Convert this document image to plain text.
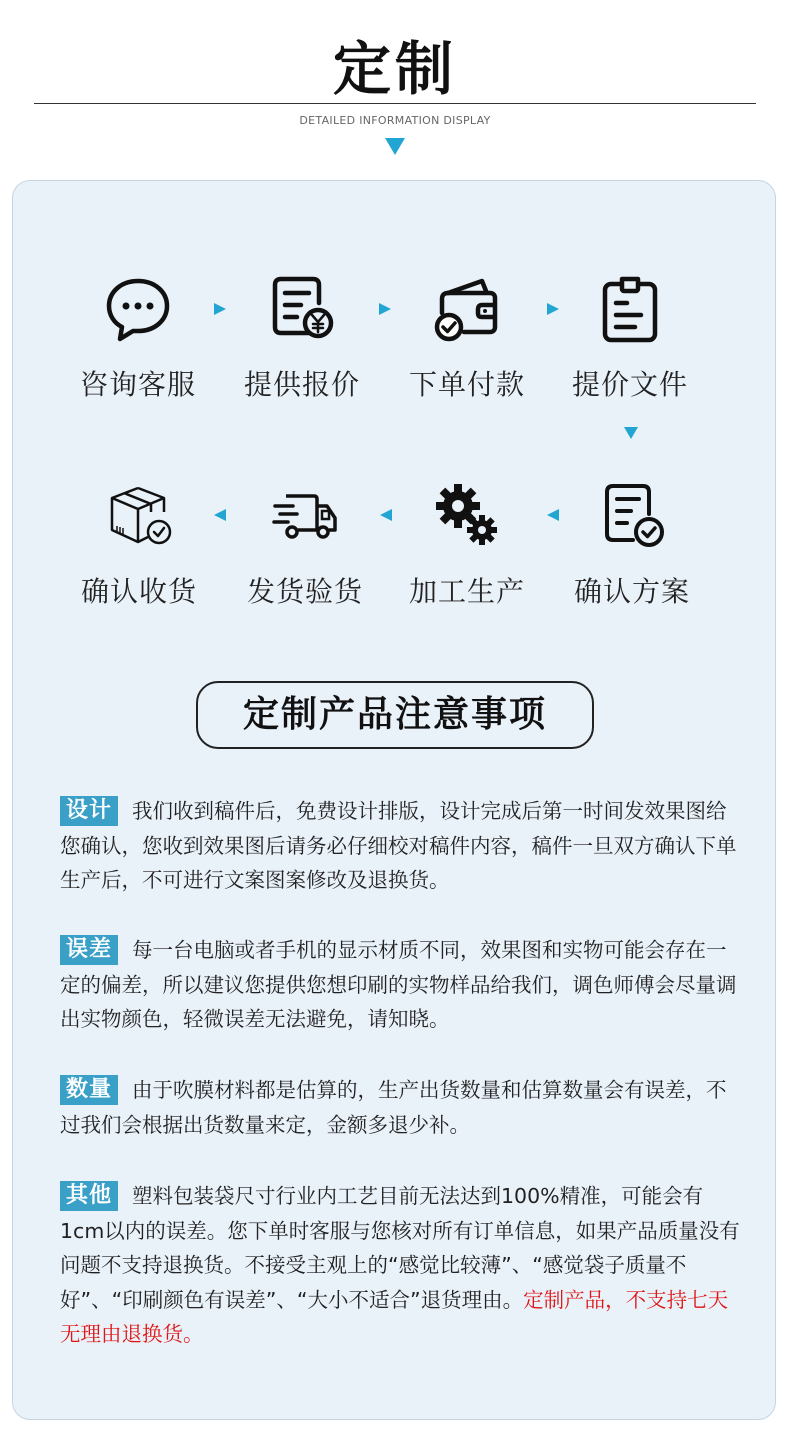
定制
DETAILED INFORMATION DISPLAY
咨询客服	提供报价	下单付款	提价文件
确认收货	发货验货	加工生产	确认方案
定制产品注意事项
设计 我们收到稿件后，免费设计排版，设计完成后第一时间发效果图给您确认，您收到效果图后请务必仔细校对稿件内容，稿件一旦双方确认下单生产后，不可进行文案图案修改及退换货。
误差 每一台电脑或者手机的显示材质不同，效果图和实物可能会存在一定的偏差，所以建议您提供您想印刷的实物样品给我们，调色师傅会尽量调出实物颜色，轻微误差无法避免，请知晓。
数量 由于吹膜材料都是估算的，生产出货数量和估算数量会有误差，不过我们会根据出货数量来定，金额多退少补。
其他 塑料包装袋尺寸行业内工艺目前无法达到100%精准，可能会有1cm以内的误差。您下单时客服与您核对所有订单信息，如果产品质量没有问题不支持退换货。不接受主观上的“感觉比较薄”、“感觉袋子质量不好”、“印刷颜色有误差”、“大小不适合”退货理由。定制产品，不支持七天无理由退换货。
